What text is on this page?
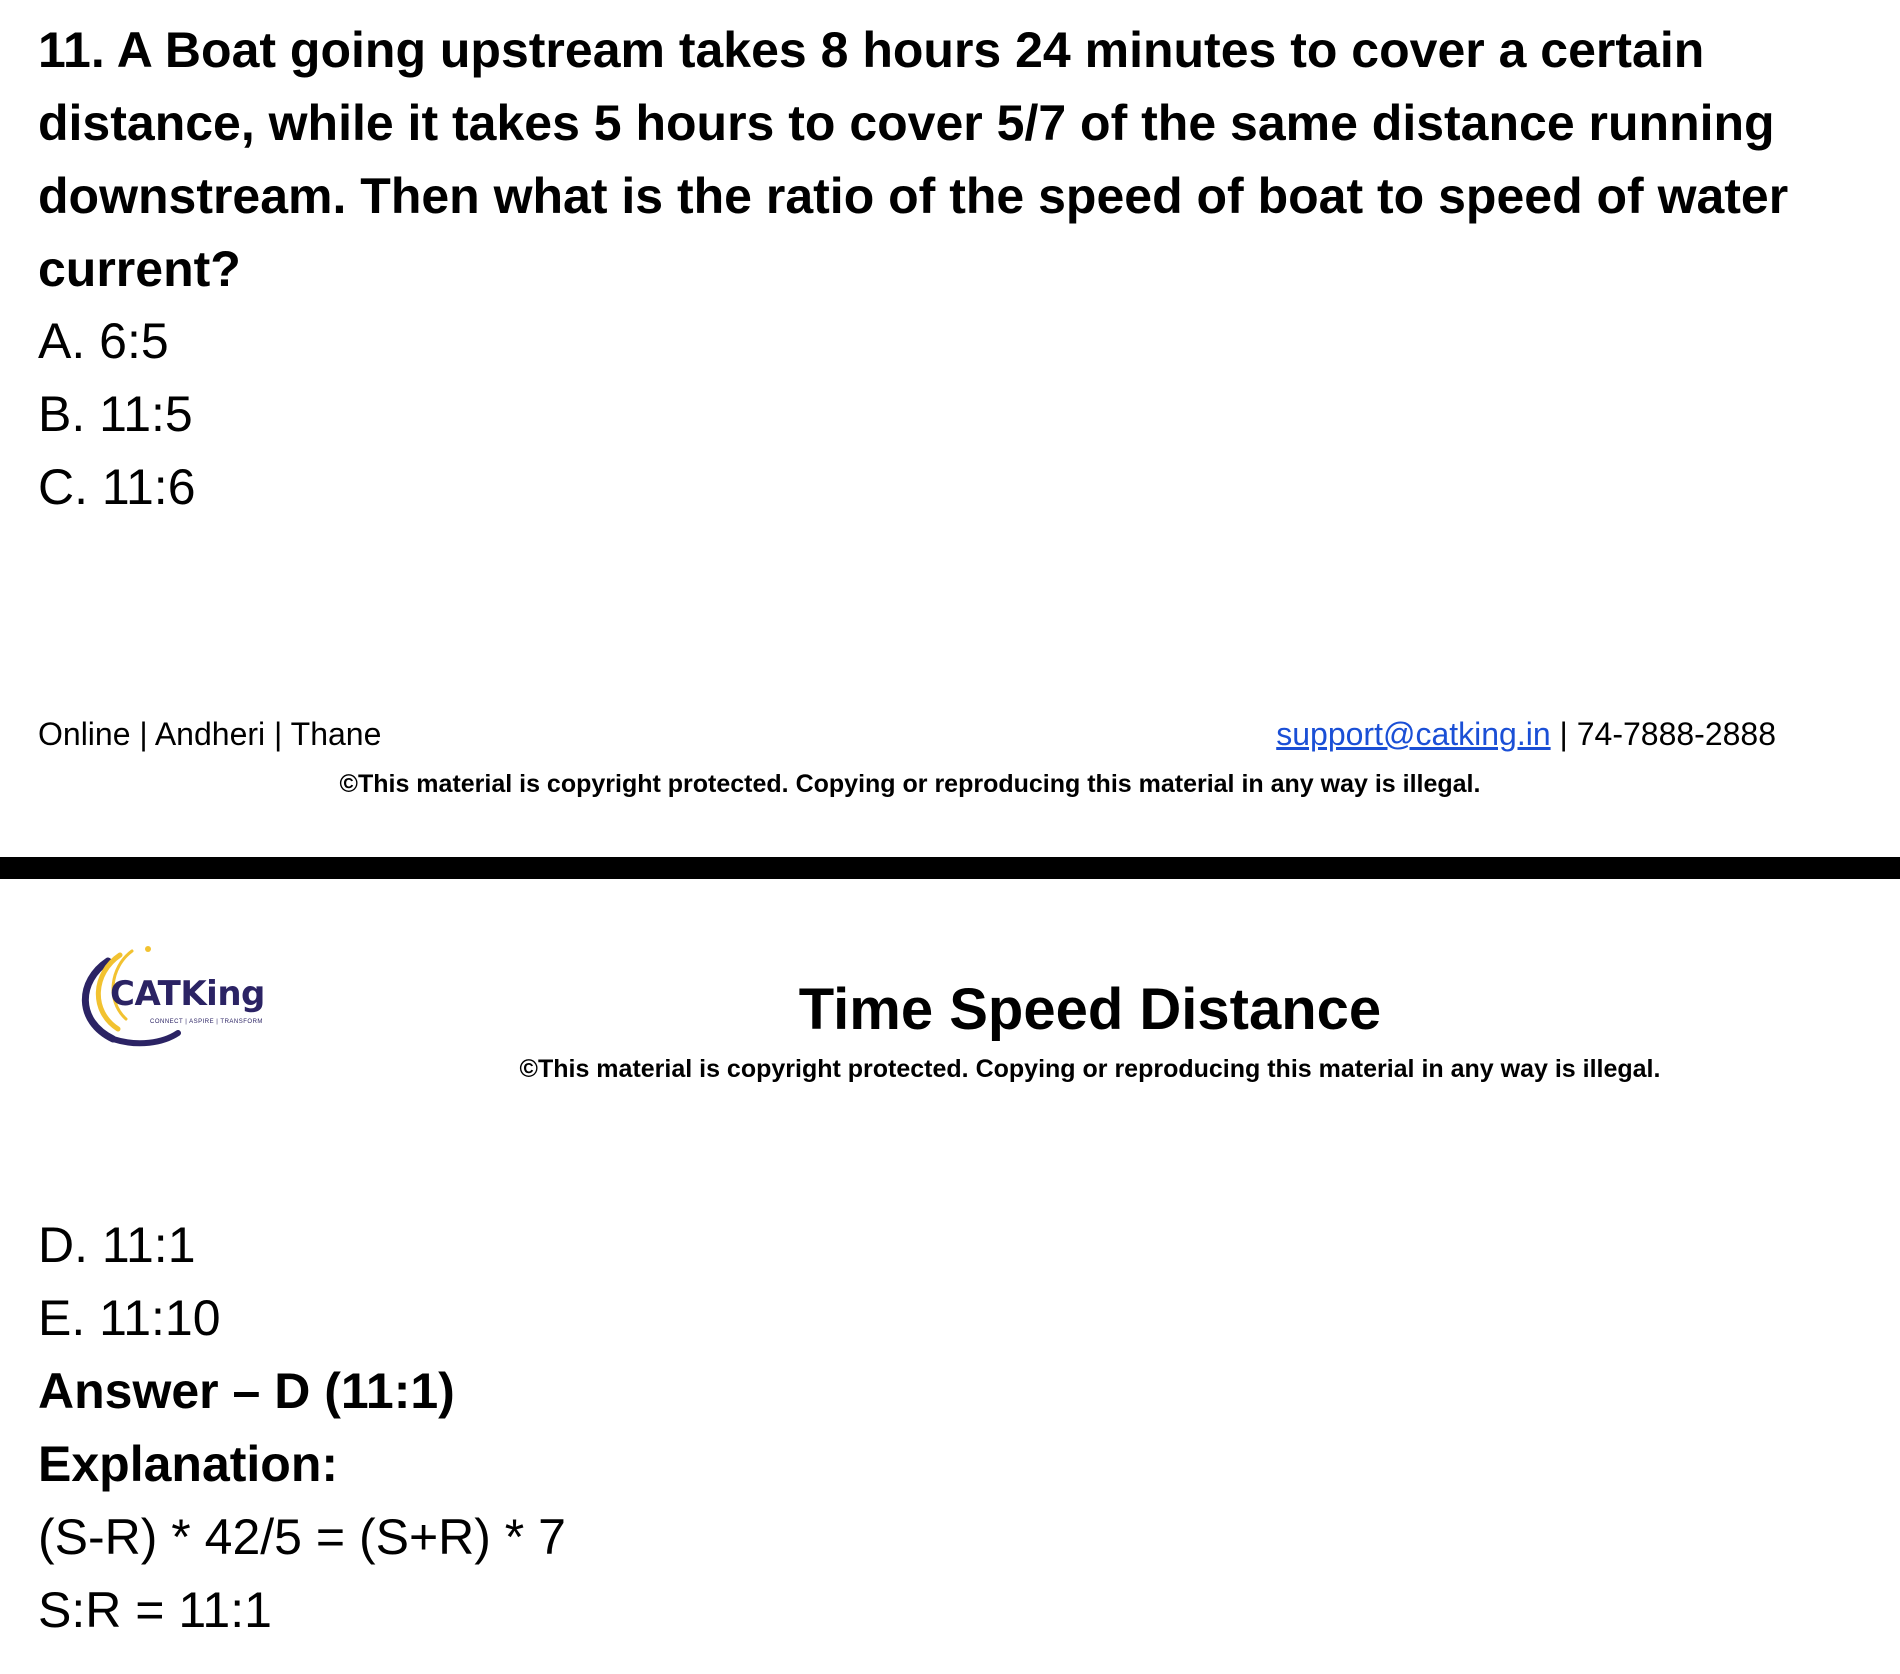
11. A Boat going upstream takes 8 hours 24 minutes to cover a certain distance, while it takes 5 hours to cover 5/7 of the same distance running downstream. Then what is the ratio of the speed of boat to speed of water current?

A. 6:5

B. 11:5

C. 11:6

Online | Andheri | Thane	support@catking.in | 74-7888-2888
©This material is copyright protected. Copying or reproducing this material in any way is illegal.
CATKing
CONNECT | ASPIRE | TRANSFORM	Time Speed Distance
©This material is copyright protected. Copying or reproducing this material in any way is illegal.

D. 11:1

E. 11:10

Answer – D (11:1)

Explanation:

(S-R) * 42/5 = (S+R) * 7

S:R = 11:1
